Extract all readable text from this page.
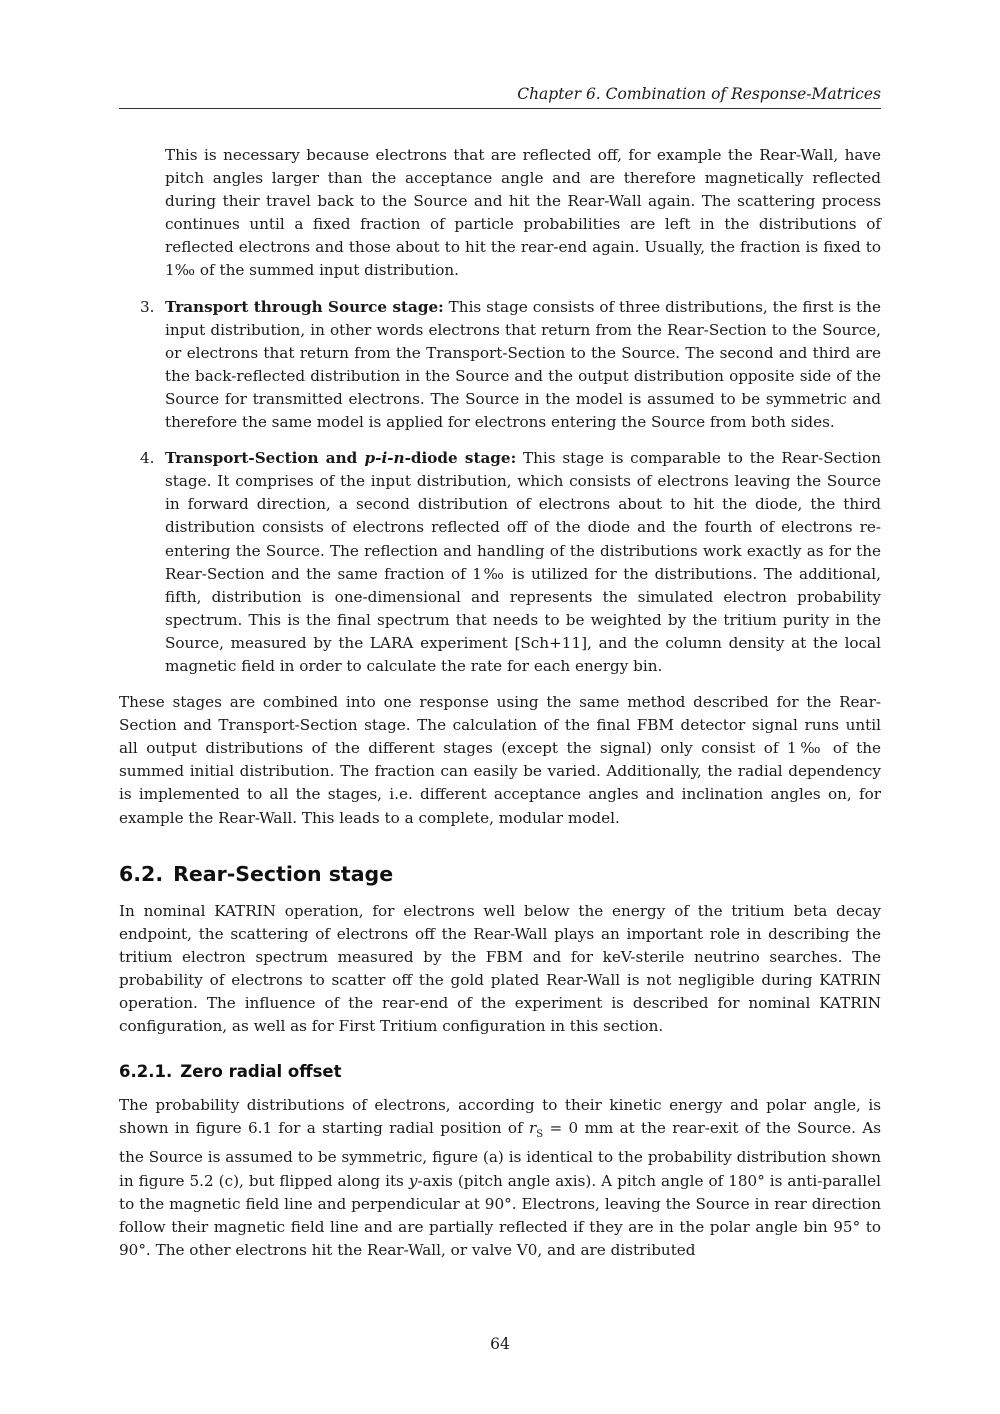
Chapter 6. Combination of Response-Matrices

This is necessary because electrons that are reflected off, for example the Rear-Wall, have pitch angles larger than the acceptance angle and are therefore magnetically reflected during their travel back to the Source and hit the Rear-Wall again. The scattering process continues until a fixed fraction of particle probabilities are left in the distributions of reflected electrons and those about to hit the rear-end again. Usually, the fraction is fixed to 1‰ of the summed input distribution.

3. Transport through Source stage: This stage consists of three distributions, the first is the input distribution, in other words electrons that return from the Rear-Section to the Source, or electrons that return from the Transport-Section to the Source. The second and third are the back-reflected distribution in the Source and the output distribution opposite side of the Source for transmitted electrons. The Source in the model is assumed to be symmetric and therefore the same model is applied for electrons entering the Source from both sides.

4. Transport-Section and p-i-n-diode stage: This stage is comparable to the Rear-Section stage. It comprises of the input distribution, which consists of electrons leaving the Source in forward direction, a second distribution of electrons about to hit the diode, the third distribution consists of electrons reflected off of the diode and the fourth of electrons re-entering the Source. The reflection and handling of the distributions work exactly as for the Rear-Section and the same fraction of 1‰ is utilized for the distributions. The additional, fifth, distribution is one-dimensional and represents the simulated electron probability spectrum. This is the final spectrum that needs to be weighted by the tritium purity in the Source, measured by the LARA experiment [Sch+11], and the column density at the local magnetic field in order to calculate the rate for each energy bin.

These stages are combined into one response using the same method described for the Rear-Section and Transport-Section stage. The calculation of the final FBM detector signal runs until all output distributions of the different stages (except the signal) only consist of 1‰ of the summed initial distribution. The fraction can easily be varied. Additionally, the radial dependency is implemented to all the stages, i.e. different acceptance angles and inclination angles on, for example the Rear-Wall. This leads to a complete, modular model.

6.2. Rear-Section stage

In nominal KATRIN operation, for electrons well below the energy of the tritium beta decay endpoint, the scattering of electrons off the Rear-Wall plays an important role in describing the tritium electron spectrum measured by the FBM and for keV-sterile neutrino searches. The probability of electrons to scatter off the gold plated Rear-Wall is not negligible during KATRIN operation. The influence of the rear-end of the experiment is described for nominal KATRIN configuration, as well as for First Tritium configuration in this section.

6.2.1. Zero radial offset

The probability distributions of electrons, according to their kinetic energy and polar angle, is shown in figure 6.1 for a starting radial position of $r_S = 0$ mm at the rear-exit of the Source. As the Source is assumed to be symmetric, figure (a) is identical to the probability distribution shown in figure 5.2 (c), but flipped along its y-axis (pitch angle axis). A pitch angle of 180° is anti-parallel to the magnetic field line and perpendicular at 90°. Electrons, leaving the Source in rear direction follow their magnetic field line and are partially reflected if they are in the polar angle bin 95° to 90°. The other electrons hit the Rear-Wall, or valve V0, and are distributed

64
